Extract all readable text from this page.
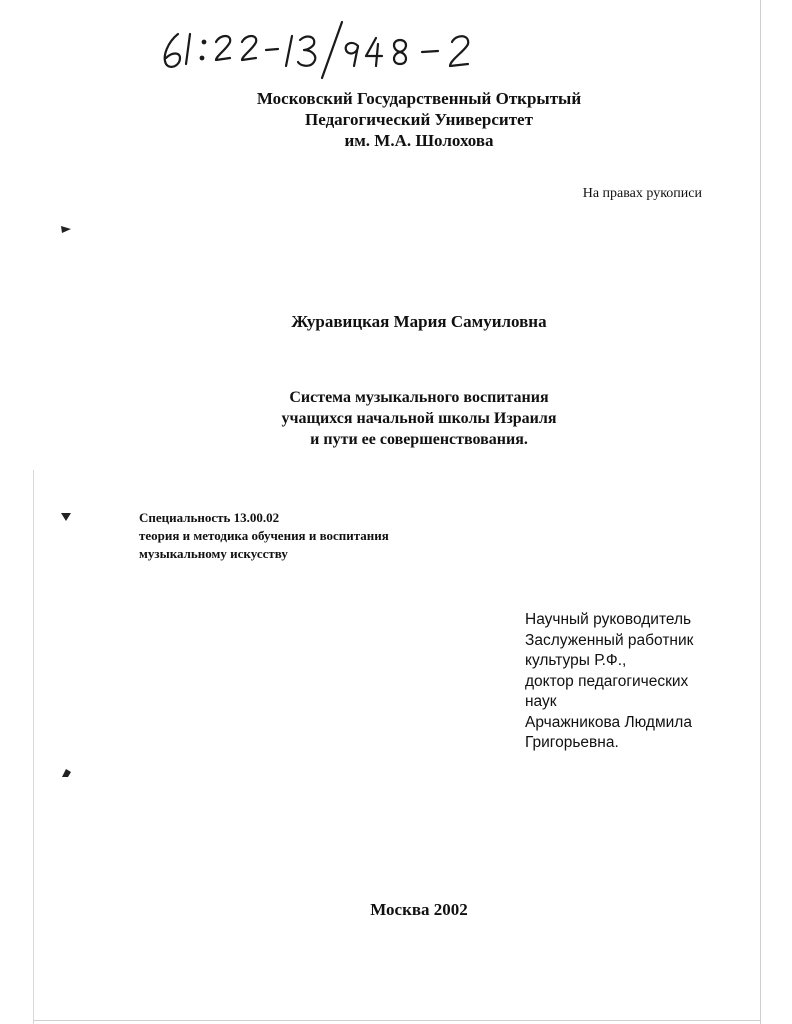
Московский Государственный Открытый
Педагогический Университет
им. М.А. Шолохова
На правах рукописи
Журавицкая Мария Самуиловна
Система музыкального воспитания
учащихся начальной школы Израиля
и пути ее совершенствования.
Специальность 13.00.02
теория и методика обучения и воспитания
музыкальному искусству
Научный руководитель
Заслуженный работник
культуры Р.Ф.,
доктор педагогических
наук
Арчажникова Людмила
Григорьевна.
Москва 2002
